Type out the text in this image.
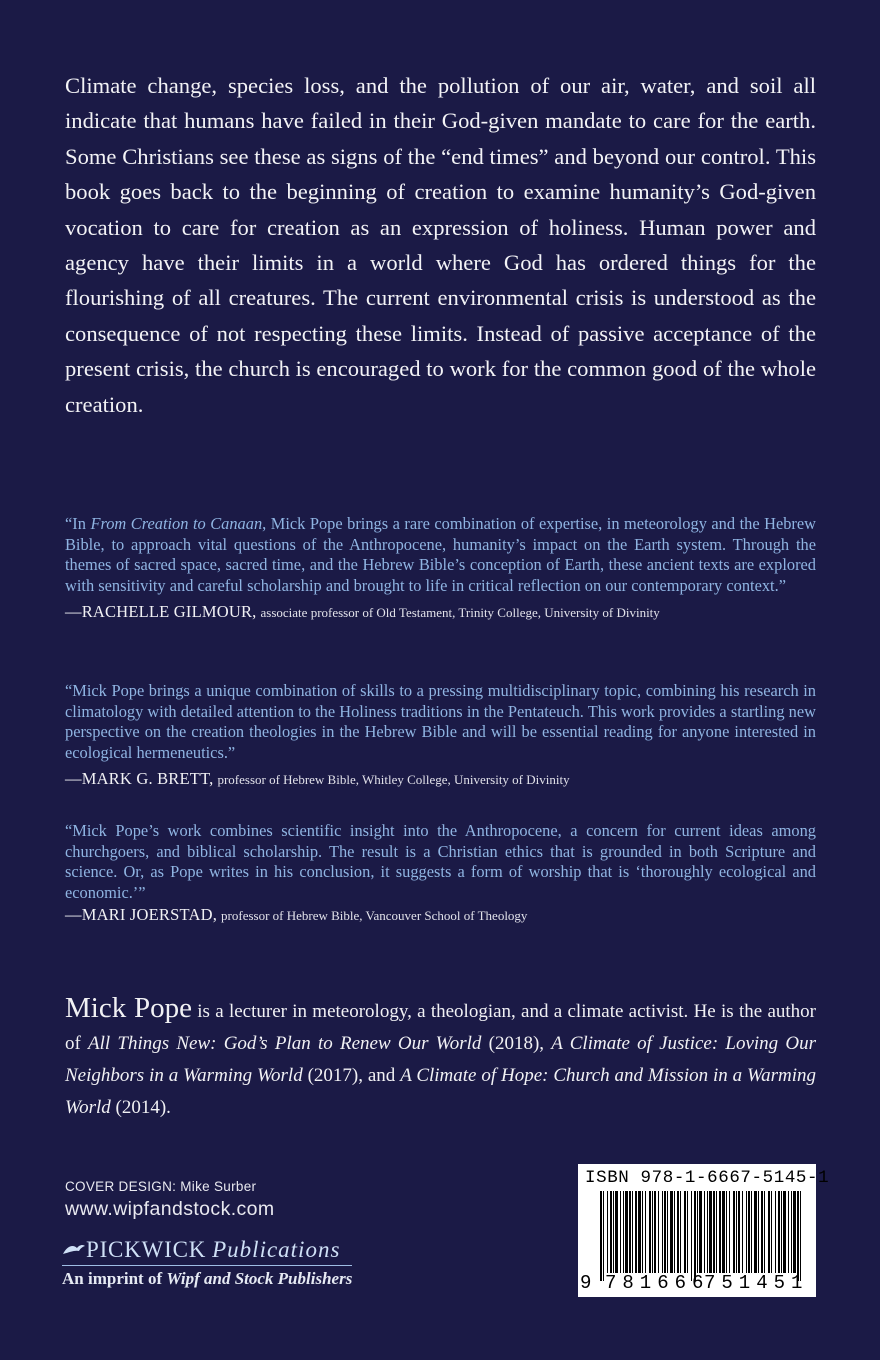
Climate change, species loss, and the pollution of our air, water, and soil all indicate that humans have failed in their God-given mandate to care for the earth. Some Christians see these as signs of the “end times” and beyond our control. This book goes back to the beginning of creation to examine humanity’s God-given vocation to care for creation as an expression of holiness. Human power and agency have their limits in a world where God has ordered things for the flourishing of all creatures. The current environmental crisis is understood as the consequence of not respecting these limits. Instead of passive acceptance of the present crisis, the church is encouraged to work for the common good of the whole creation.

“In From Creation to Canaan, Mick Pope brings a rare combination of expertise, in meteorology and the Hebrew Bible, to approach vital questions of the Anthropocene, humanity’s impact on the Earth system. Through the themes of sacred space, sacred time, and the Hebrew Bible’s conception of Earth, these ancient texts are explored with sensitivity and careful scholarship and brought to life in critical reflection on our contemporary context.”

—RACHELLE GILMOUR, associate professor of Old Testament, Trinity College, University of Divinity

“Mick Pope brings a unique combination of skills to a pressing multidisciplinary topic, combining his research in climatology with detailed attention to the Holiness traditions in the Pentateuch. This work provides a startling new perspective on the creation theologies in the Hebrew Bible and will be essential reading for anyone interested in ecological hermeneutics.”

—MARK G. BRETT, professor of Hebrew Bible, Whitley College, University of Divinity

“Mick Pope’s work combines scientific insight into the Anthropocene, a concern for current ideas among churchgoers, and biblical scholarship. The result is a Christian ethics that is grounded in both Scripture and science. Or, as Pope writes in his conclusion, it suggests a form of worship that is ‘thoroughly ecological and economic.’”

—MARI JOERSTAD, professor of Hebrew Bible, Vancouver School of Theology

Mick Pope is a lecturer in meteorology, a theologian, and a climate activist. He is the author of All Things New: God’s Plan to Renew Our World (2018), A Climate of Justice: Loving Our Neighbors in a Warming World (2017), and A Climate of Hope: Church and Mission in a Warming World (2014).

COVER DESIGN: Mike Surber
www.wipfandstock.com
PICKWICK Publications
An imprint of Wipf and Stock Publishers
ISBN 978-1-6667-5145-1
9 781666
751451
